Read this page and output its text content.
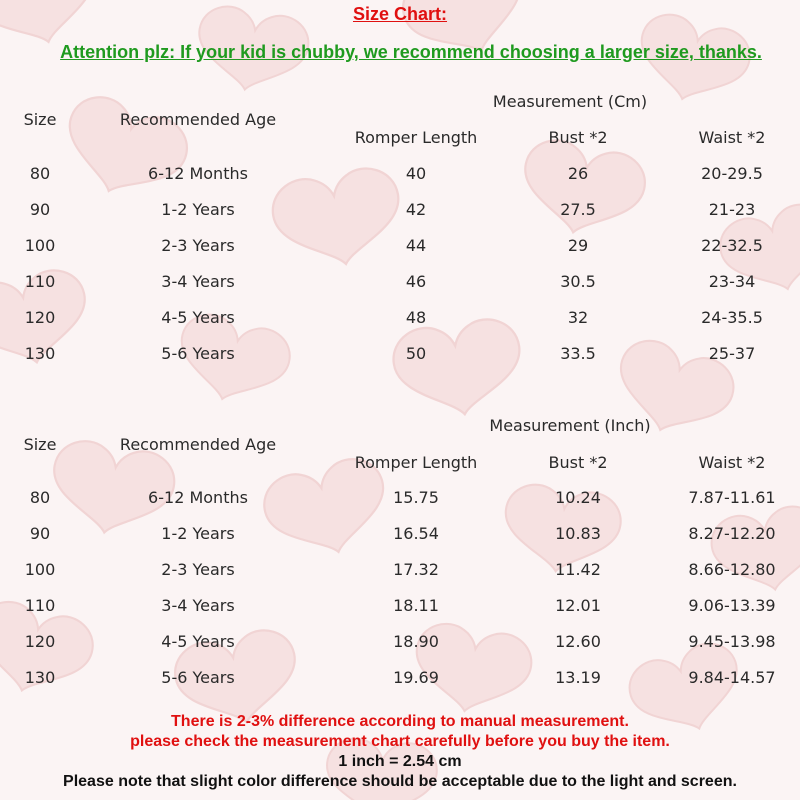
Size Chart:
Attention plz: If your kid is chubby, we recommend choosing a larger size, thanks.
Measurement (Cm)
Size	Recommended Age
Romper Length	Bust *2	Waist *2
80	6-12 Months	40	26	20-29.5
90	1-2 Years	42	27.5	21-23
100	2-3 Years	44	29	22-32.5
110	3-4 Years	46	30.5	23-34
120	4-5 Years	48	32	24-35.5
130	5-6 Years	50	33.5	25-37
Measurement (Inch)
Size	Recommended Age
Romper Length	Bust *2	Waist *2
80	6-12 Months	15.75	10.24	7.87-11.61
90	1-2 Years	16.54	10.83	8.27-12.20
100	2-3 Years	17.32	11.42	8.66-12.80
110	3-4 Years	18.11	12.01	9.06-13.39
120	4-5 Years	18.90	12.60	9.45-13.98
130	5-6 Years	19.69	13.19	9.84-14.57
There is 2-3% difference according to manual measurement.
please check the measurement chart carefully before you buy the item.
1 inch = 2.54 cm
Please note that slight color difference should be acceptable due to the light and screen.
